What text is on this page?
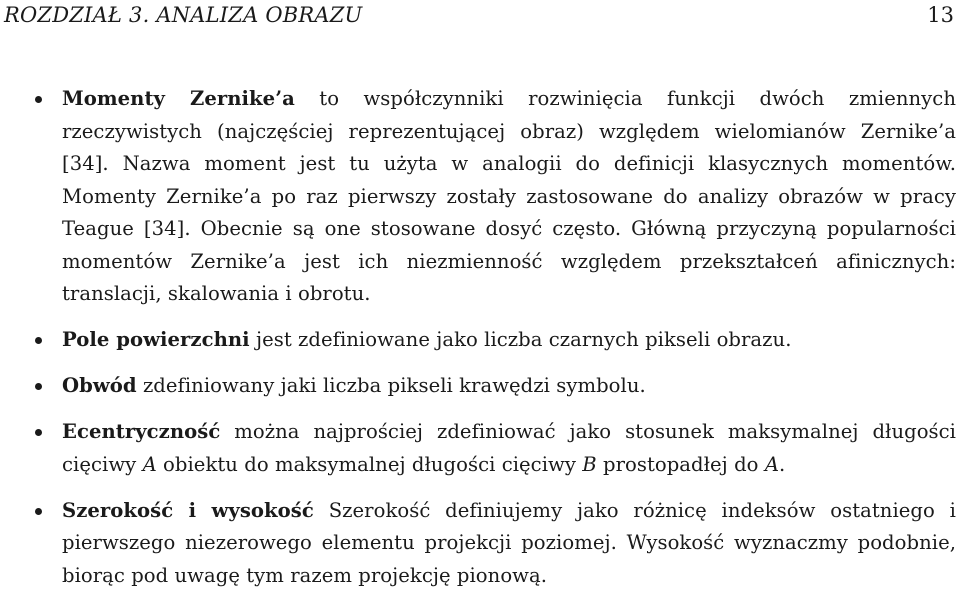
ROZDZIAŁ 3. ANALIZA OBRAZU	13
Momenty Zernike’a to współczynniki rozwinięcia funkcji dwóch zmiennych rzeczywistych (najczęściej reprezentującej obraz) względem wielomianów Zernike’a [34]. Nazwa moment jest tu użyta w analogii do definicji klasycznych momentów. Momenty Zernike’a po raz pierwszy zostały zastosowane do analizy obrazów w pracy Teague [34]. Obecnie są one stosowane dosyć często. Główną przyczyną popularności momentów Zernike’a jest ich niezmienność względem przekształceń afinicznych: translacji, skalowania i obrotu.
Pole powierzchni jest zdefiniowane jako liczba czarnych pikseli obrazu.
Obwód zdefiniowany jaki liczba pikseli krawędzi symbolu.
Ecentryczność można najprościej zdefiniować jako stosunek maksymalnej długości cięciwy A obiektu do maksymalnej długości cięciwy B prostopadłej do A.
Szerokość i wysokość Szerokość definiujemy jako różnicę indeksów ostatniego i pierwszego niezerowego elementu projekcji poziomej. Wysokość wyznaczmy podobnie, biorąc pod uwagę tym razem projekcję pionową.
